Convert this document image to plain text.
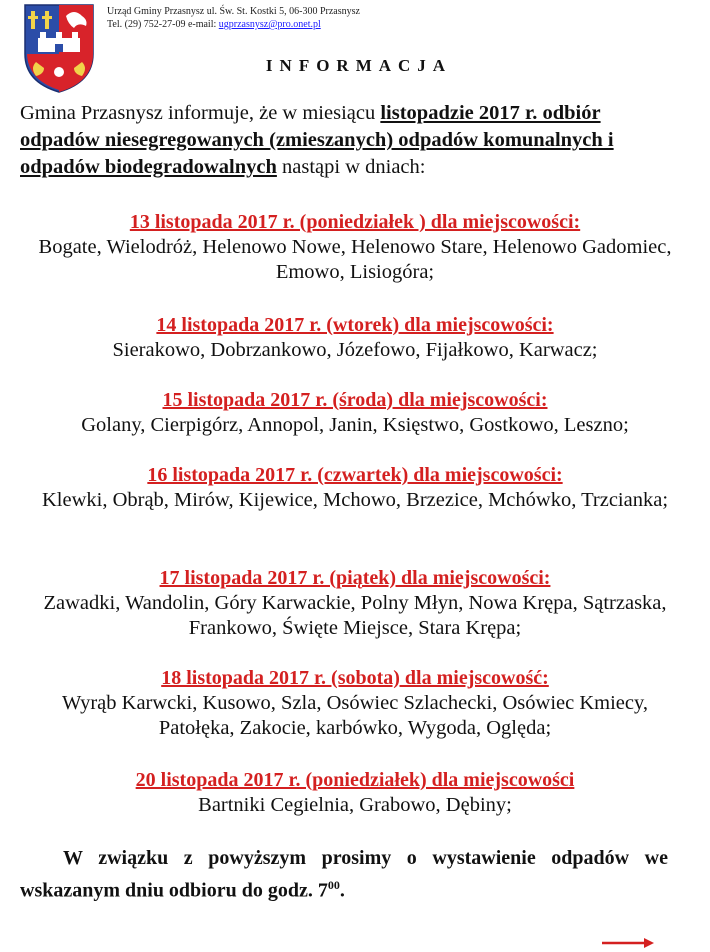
Urząd Gminy Przasnysz ul. Św. St. Kostki 5, 06-300 Przasnysz
Tel. (29) 752-27-09 e-mail: ugprzasnysz@pro.onet.pl
INFORMACJA
Gmina Przasnysz informuje, że w miesiącu listopadzie 2017 r. odbiór odpadów niesegregowanych (zmieszanych) odpadów komunalnych i odpadów biodegradowalnych nastąpi w dniach:
13 listopada 2017 r. (poniedziałek ) dla miejscowości:
Bogate, Wielodróż, Helenowo Nowe, Helenowo Stare, Helenowo Gadomiec, Emowo, Lisiogóra;
14 listopada 2017 r. (wtorek) dla miejscowości:
Sierakowo, Dobrzankowo, Józefowo, Fijałkowo, Karwacz;
15 listopada 2017 r. (środa) dla miejscowości:
Golany, Cierpigórz, Annopol, Janin, Księstwo, Gostkowo, Leszno;
16 listopada 2017 r. (czwartek) dla miejscowości:
Klewki, Obrąb, Mirów, Kijewice, Mchowo, Brzezice, Mchówko, Trzcianka;
17 listopada 2017 r. (piątek) dla miejscowości:
Zawadki, Wandolin, Góry Karwackie, Polny Młyn, Nowa Krępa, Sątrzaska, Frankowo, Święte Miejsce, Stara Krępa;
18 listopada 2017 r. (sobota) dla miejscowość:
Wyrąb Karwcki, Kusowo, Szla, Osówiec Szlachecki, Osówiec Kmiecy, Patołęka, Zakocie, karbówko, Wygoda, Oględa;
20 listopada 2017 r. (poniedziałek) dla miejscowości
Bartniki Cegielnia, Grabowo, Dębiny;
W związku z powyższym prosimy o wystawienie odpadów we wskazanym dniu odbioru do godz. $7^{00}$.
